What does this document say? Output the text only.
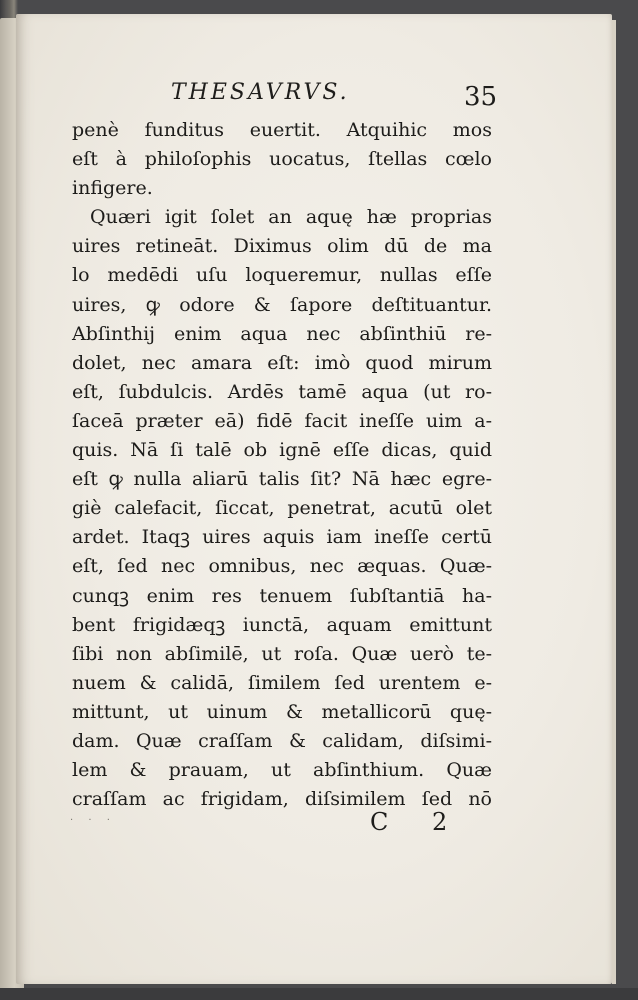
THESAVRVS.	35
penè funditus euertit. Atquihic mos
eſt à philoſophis uocatus, ſtellas cœlo
infigere.
Quæri igit ſolet an aquę hæ proprias
uires retineāt. Diximus olim dū de ma
lo medēdi uſu loqueremur, nullas eſſe
uires, ꝙ odore & ſapore deſtituantur.
Abſinthij enim aqua nec abſinthiū re-
dolet, nec amara eſt: imò quod mirum
eſt, ſubdulcis. Ardēs tamē aqua (ut ro-
ſaceā præter eā) fidē facit ineſſe uim a-
quis. Nā ſi talē ob ignē eſſe dicas, quid
eſt ꝙ nulla aliarū talis ſit? Nā hæc egre-
giè calefacit, ſiccat, penetrat, acutū olet
ardet. Itaqꝫ uires aquis iam ineſſe certū
eſt, ſed nec omnibus, nec æquas. Quæ-
cunqꝫ enim res tenuem ſubſtantiā ha-
bent frigidæqꝫ iunctā, aquam emittunt
ſibi non abſimilē, ut roſa. Quæ uerò te-
nuem & calidā, ſimilem ſed urentem e-
mittunt, ut uinum & metallicorū quę-
dam. Quæ craſſam & calidam, diſsimi-
lem & prauam, ut abſinthium. Quæ
craſſam ac frigidam, diſsimilem ſed nō
. . .	C 2
